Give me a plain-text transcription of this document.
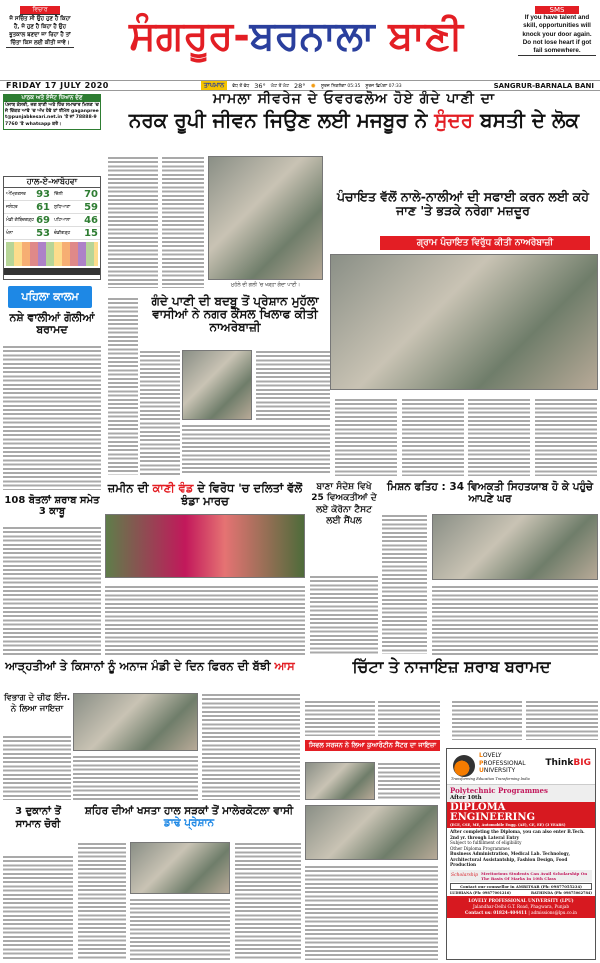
ਵਿਚਾਰ
ਜੋ ਸਚਿੰਤ ਸੀ ਉਹ ਹੁਣ ਹੈ ਕਿਹਾ ਹੈ, ਜੋ ਹੁਣ ਹੈ ਕਿਹਾ ਹੈ ਉਹ ਭੂਤਕਾਲ ਬਣਦਾ ਜਾ ਰਿਹਾ ਹੈ ਤਾਂ ਚਿੰਤਾ ਕਿਸ ਲਈ ਕੀਤੀ ਜਾਵੇ।	ਸੰਗਰੂਰ-ਬਰਨਾਲਾ ਬਾਣੀ
SMS
If you have talent and skill, opportunities will knock your door again. Do not lose heart if got fail somewhere.
FRIDAY 17 JULY 2020	ਤਾਪਮਾਨ	ਵੱਧ ਤੋਂ ਵੱਧ 36° ਘੱਟ ਤੋਂ ਘੱਟ 28° ✹ ਸੂਰਜ ਨਿਕਲੇਗਾ 05:35 ਸੂਰਜ ਛਿਪੇਗਾ 07:33	SANGRUR-BARNALA BANI
ਪਾਠਕ ਅਤੇ ਏਜੰਟ ਧਿਆਨ ਦੇਣ
ਪੰਜਾਬ ਕੇਸਰੀ, ਜਗ ਬਾਣੀ ਅਤੇ ਹਿੰਦ ਸਮਾਚਾਰ ਮਿਲਣ 'ਚ ਜੇ ਦਿੱਕਤ ਆਵੇ 'ਚ ਅੱਖ ਹੋਵੇ ਤਾਂ ਈਮੇਲ gaganpreet@punjabkesari.net.in 'ਤੇ ਜਾਂ 78888-97760 'ਤੇ whatsapp ਕਰੋ।
ਹਾਲ-ਏ-ਆਬੋਹਵਾ
ਅੰਮ੍ਰਿਤਸਰ 93 ਦਿੱਲੀ 70
ਜਲੰਧਰ 61 ਲੁਧਿਆਣਾ 59
ਮੰਡੀ ਗੋਬਿੰਦਗੜ੍ਹ 69 ਪਟਿਆਲਾ 46
ਖੰਨਾ 53 ਚੰਡੀਗੜ੍ਹ 15
ਪਹਿਲਾ ਕਾਲਮ
ਨਸ਼ੇ ਵਾਲੀਆਂ ਗੋਲੀਆਂ ਬਰਾਮਦ
108 ਬੋਤਲਾਂ ਸ਼ਰਾਬ ਸਮੇਤ 3 ਕਾਬੂ
ਮਾਮਲਾ ਸੀਵਰੇਜ ਦੇ ਓਵਰਫਲੋਅ ਹੋਏ ਗੰਦੇ ਪਾਣੀ ਦਾ
ਨਰਕ ਰੂਪੀ ਜੀਵਨ ਜਿਉਣ ਲਈ ਮਜਬੂਰ ਨੇ ਸੁੰਦਰ ਬਸਤੀ ਦੇ ਲੋਕ
ਮੁਹੱਲੇ ਦੀ ਗਲੀ 'ਚ ਖੜ੍ਹਾ ਗੰਦਾ ਪਾਣੀ।
ਗੰਦੇ ਪਾਣੀ ਦੀ ਬਦਬੂ ਤੋਂ ਪ੍ਰੇਸ਼ਾਨ ਮੁਹੱਲਾ ਵਾਸੀਆਂ ਨੇ ਨਗਰ ਕੌਂਸਲ ਖਿਲਾਫ ਕੀਤੀ ਨਾਅਰੇਬਾਜ਼ੀ
ਪੰਚਾਇਤ ਵੱਲੋਂ ਨਾਲੇ-ਨਾਲੀਆਂ ਦੀ ਸਫਾਈ ਕਰਨ ਲਈ ਕਹੇ ਜਾਣ 'ਤੇ ਭੜਕੇ ਨਰੇਗਾ ਮਜ਼ਦੂਰ
ਗ੍ਰਾਮ ਪੰਚਾਇਤ ਵਿਰੁੱਧ ਕੀਤੀ ਨਾਅਰੇਬਾਜ਼ੀ
ਜ਼ਮੀਨ ਦੀ ਕਾਣੀ ਵੰਡ ਦੇ ਵਿਰੋਧ 'ਚ ਦਲਿਤਾਂ ਵੱਲੋਂ ਝੰਡਾ ਮਾਰਚ
ਬਾਣਾ ਸੰਦੇਸ਼ ਵਿਖੇ 25 ਵਿਅਕਤੀਆਂ ਦੇ ਲਏ ਕੋਰੋਨਾ ਟੈਸਟ ਲਈ ਸੈਂਪਲ
ਮਿਸ਼ਨ ਫਤਿਹ : 34 ਵਿਅਕਤੀ ਸਿਹਤਯਾਬ ਹੋ ਕੇ ਪਹੁੰਚੇ ਆਪਣੇ ਘਰ
ਆੜ੍ਹਤੀਆਂ ਤੇ ਕਿਸਾਨਾਂ ਨੂੰ ਅਨਾਜ ਮੰਡੀ ਦੇ ਦਿਨ ਫਿਰਨ ਦੀ ਬੱਝੀ ਆਸ	ਚਿੱਟਾ ਤੇ ਨਾਜਾਇਜ਼ ਸ਼ਰਾਬ ਬਰਾਮਦ
ਵਿਭਾਗ ਦੇ ਚੀਫ ਇੰਜ. ਨੇ ਲਿਆ ਜਾਇਜ਼ਾ
ਸਿਵਲ ਸਰਜਨ ਨੇ ਲਿਆ ਕੁਆਰੰਟੀਨ ਸੈਂਟਰ ਦਾ ਜਾਇਜ਼ਾ
3 ਦੁਕਾਨਾਂ ਤੋਂ ਸਾਮਾਨ ਚੋਰੀ
ਸ਼ਹਿਰ ਦੀਆਂ ਖਸਤਾ ਹਾਲ ਸੜਕਾਂ ਤੋਂ ਮਾਲੇਰਕੋਟਲਾ ਵਾਸੀ ਡਾਢੇ ਪ੍ਰੇਸ਼ਾਨ
LOVELY
PROFESSIONAL
UNIVERSITY
ThinkBIG
Transforming Education Transforming India
Polytechnic Programmes
After 10th
DIPLOMA ENGINEERING
(ECE, CSE, ME, Automobile Engg. (AE), CE, EE) (3 YEARS)
After completing the Diploma, you can also enter B.Tech. 2nd yr. through Lateral Entry
Subject to fulfillment of eligibility
Other Diploma Programmes
Business Administration, Medical Lab. Technology, Architectural Assistantship, Fashion Design, Food Production
Scholarship Meritorious Students Can Avail Scholarship On The Basis Of Marks In 10th Class
Contact our counsellor in AMRITSAR (Ph: 09877055234)
LUDHIANA (Ph: 09877001216)	BATHINDA (Ph: 09875062784)
LOVELY PROFESSIONAL UNIVERSITY (LPU)
Jalandhar-Delhi G.T. Road, Phagwara, Punjab
Contact us: 01824-404411 | admissions@lpu.co.in
